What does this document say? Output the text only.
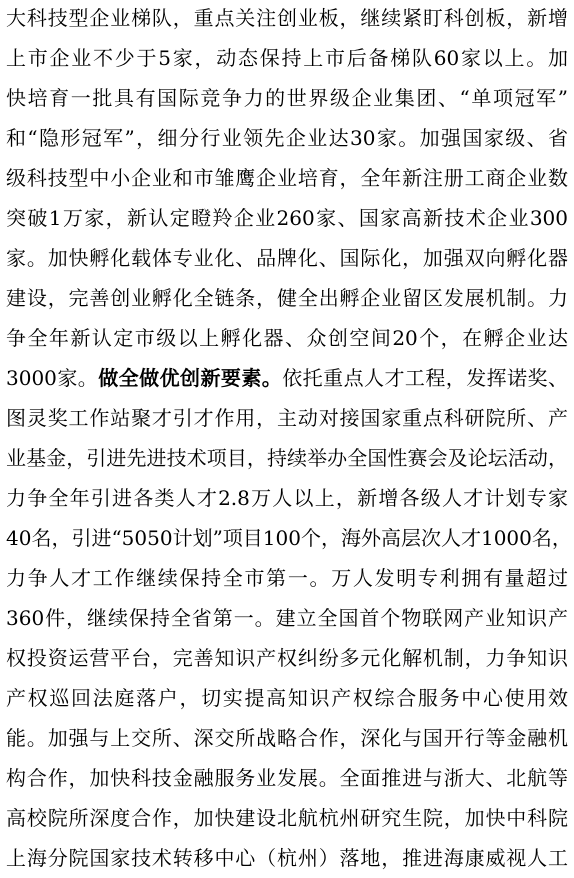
大科技型企业梯队，重点关注创业板，继续紧盯科创板，新增
上市企业不少于5家，动态保持上市后备梯队60家以上。加
快培育一批具有国际竞争力的世界级企业集团、“单项冠军”
和“隐形冠军”，细分行业领先企业达30家。加强国家级、省
级科技型中小企业和市雏鹰企业培育，全年新注册工商企业数
突破1万家，新认定瞪羚企业260家、国家高新技术企业300
家。加快孵化载体专业化、品牌化、国际化，加强双向孵化器
建设，完善创业孵化全链条，健全出孵企业留区发展机制。力
争全年新认定市级以上孵化器、众创空间20个，在孵企业达
3000家。做全做优创新要素。依托重点人才工程，发挥诺奖、
图灵奖工作站聚才引才作用，主动对接国家重点科研院所、产
业基金，引进先进技术项目，持续举办全国性赛会及论坛活动，
力争全年引进各类人才2.8万人以上，新增各级人才计划专家
40名，引进“5050计划”项目100个，海外高层次人才1000名，
力争人才工作继续保持全市第一。万人发明专利拥有量超过
360件，继续保持全省第一。建立全国首个物联网产业知识产
权投资运营平台，完善知识产权纠纷多元化解机制，力争知识
产权巡回法庭落户，切实提高知识产权综合服务中心使用效
能。加强与上交所、深交所战略合作，深化与国开行等金融机
构合作，加快科技金融服务业发展。全面推进与浙大、北航等
高校院所深度合作，加快建设北航杭州研究生院，加快中科院
上海分院国家技术转移中心（杭州）落地，推进海康威视人工
